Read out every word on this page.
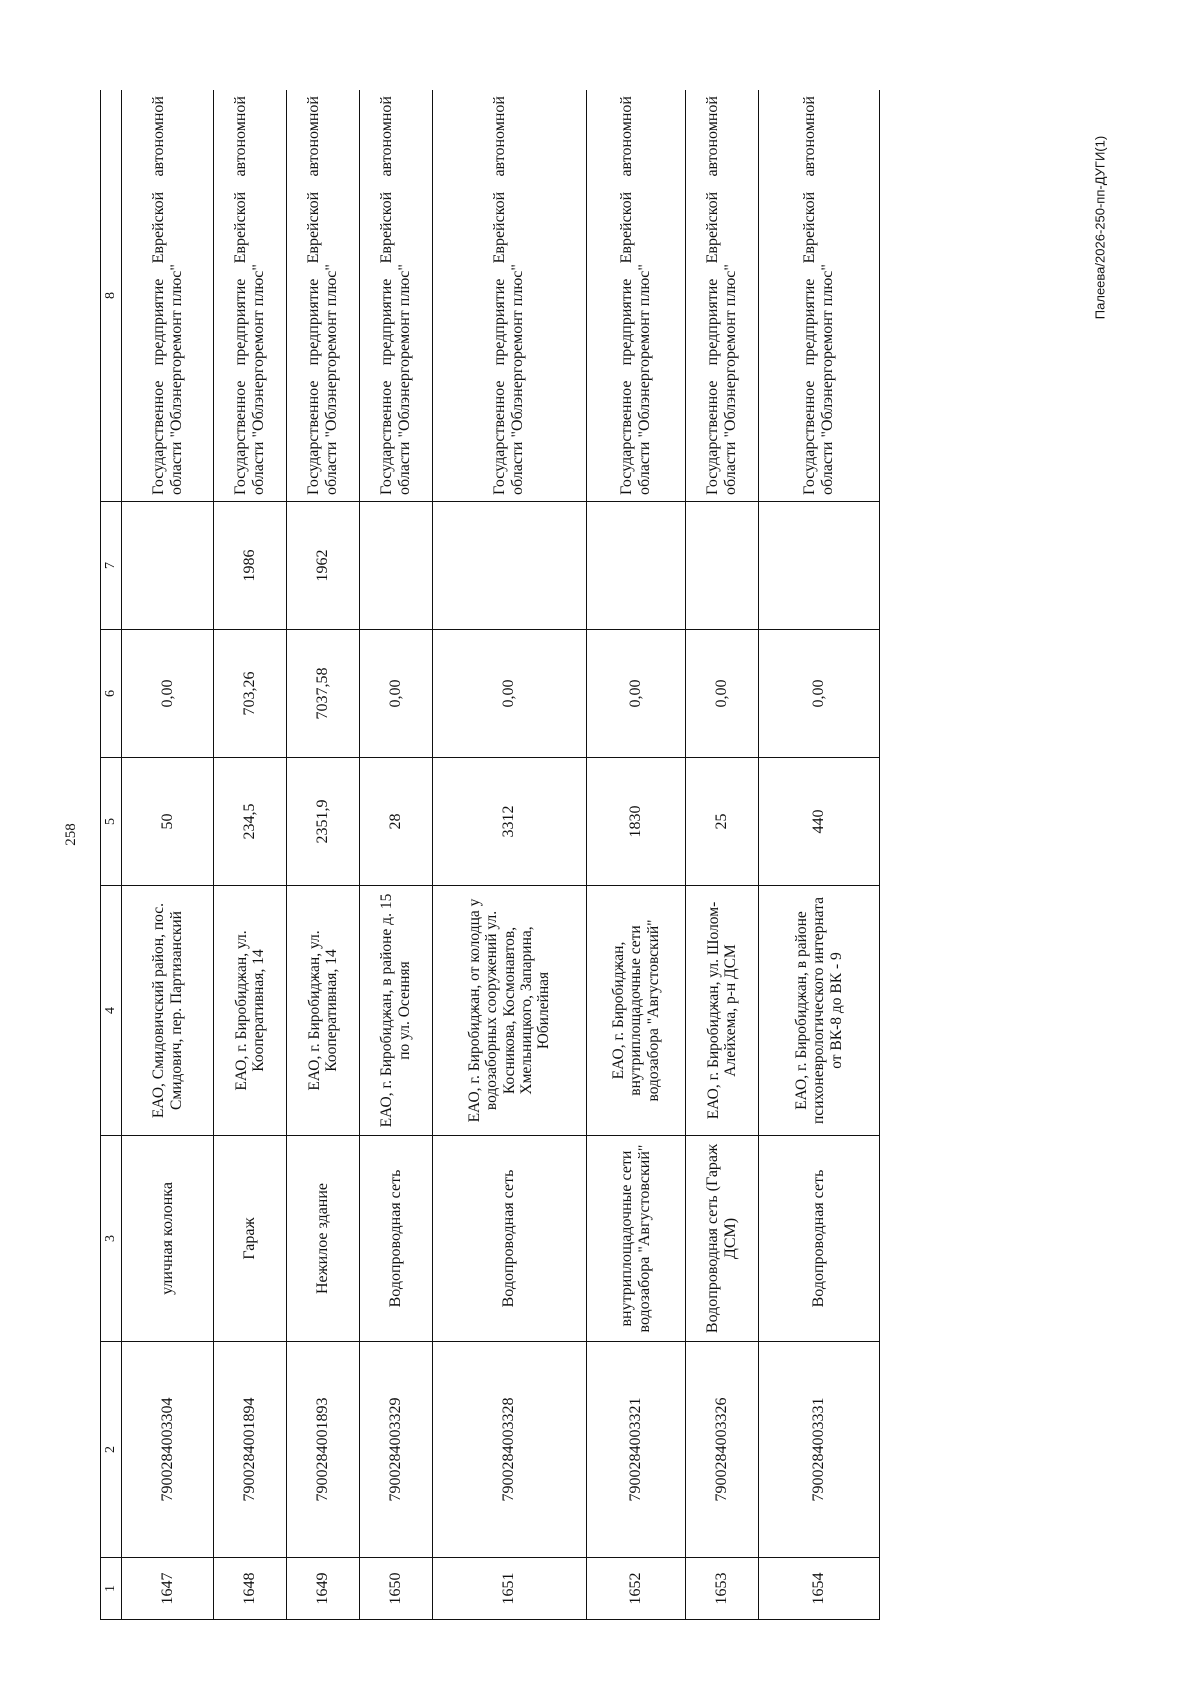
258
Палеева/2026-250-пп-ДУГИ(1)
1	2	3	4	5	6	7	8
1647	7900284003304	уличная колонка	ЕАО, Смидовичский район, пос. Смидович, пер. Партизанский	50	0,00		Государственное предприятие Еврейской автономной области "Облэнергоремонт плюс"
1648	7900284001894	Гараж	ЕАО, г. Биробиджан, ул. Кооперативная, 14	234,5	703,26	1986	Государственное предприятие Еврейской автономной области "Облэнергоремонт плюс"
1649	7900284001893	Нежилое здание	ЕАО, г. Биробиджан, ул. Кооперативная, 14	2351,9	7037,58	1962	Государственное предприятие Еврейской автономной области "Облэнергоремонт плюс"
1650	7900284003329	Водопроводная сеть	ЕАО, г. Биробиджан, в районе д. 15 по ул. Осенняя	28	0,00		Государственное предприятие Еврейской автономной области "Облэнергоремонт плюс"
1651	7900284003328	Водопроводная сеть	ЕАО, г. Биробиджан, от колодца у водозаборных сооружений ул. Косникова, Космонавтов, Хмельницкого, Запарина, Юбилейная	3312	0,00		Государственное предприятие Еврейской автономной области "Облэнергоремонт плюс"
1652	7900284003321	внутриплощадочные сети водозабора "Августовский"	ЕАО, г. Биробиджан, внутриплощадочные сети водозабора "Августовский"	1830	0,00		Государственное предприятие Еврейской автономной области "Облэнергоремонт плюс"
1653	7900284003326	Водопроводная сеть (Гараж ДСМ)	ЕАО, г. Биробиджан, ул. Шолом-Алейхема, р-н ДСМ	25	0,00		Государственное предприятие Еврейской автономной области "Облэнергоремонт плюс"
1654	7900284003331	Водопроводная сеть	ЕАО, г. Биробиджан, в районе психоневрологического интерната от ВК-8 до ВК - 9	440	0,00		Государственное предприятие Еврейской автономной области "Облэнергоремонт плюс"
